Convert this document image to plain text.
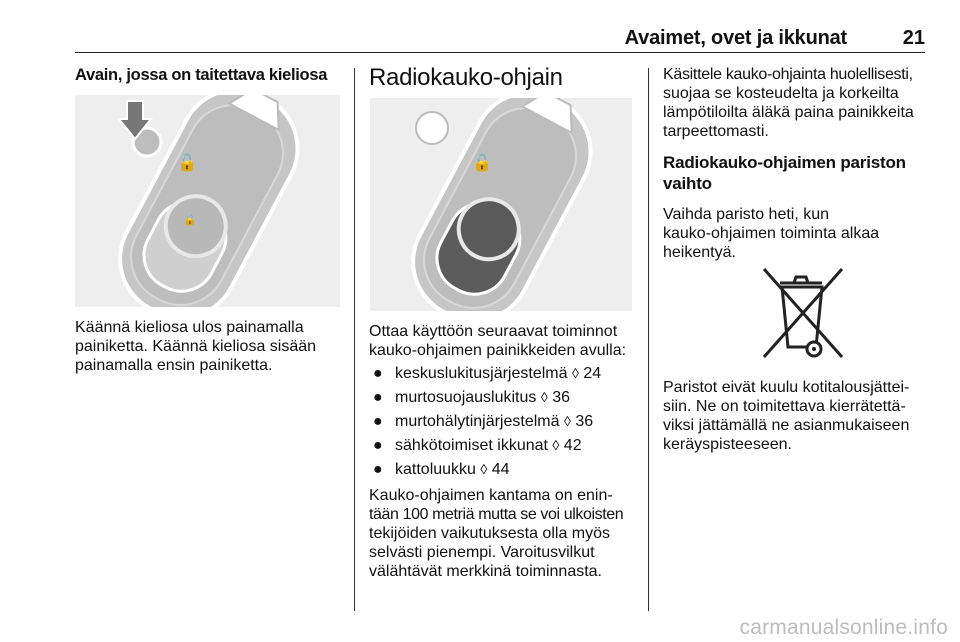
Avaimet, ovet ja ikkunat	21
Avain, jossa on taitettava kieliosa
🔓
🔒

Käännä kieliosa ulos painamalla

painiketta. Käännä kieliosa sisään

painamalla ensin painiketta.

Radiokauko-ohjain
🔓

Ottaa käyttöön seuraavat toiminnot

kauko-ohjaimen painikkeiden avulla:

● keskuslukitusjärjestelmä ◊ 24
● murtosuojauslukitus ◊ 36
● murtohälytinjärjestelmä ◊ 36
● sähkötoimiset ikkunat ◊ 42
● kattoluukku ◊ 44

Kauko-ohjaimen kantama on enin-

tään 100 metriä mutta se voi ulkoisten

tekijöiden vaikutuksesta olla myös

selvästi pienempi. Varoitusvilkut

välähtävät merkkinä toiminnasta.

Käsittele kauko-ohjainta huolellisesti,

suojaa se kosteudelta ja korkeilta

lämpötiloilta äläkä paina painikkeita

tarpeettomasti.

Radiokauko-ohjaimen pariston
vaihto

Vaihda paristo heti, kun

kauko-ohjaimen toiminta alkaa

heikentyä.

Paristot eivät kuulu kotitalousjättei-

siin. Ne on toimitettava kierrätettä-

viksi jättämällä ne asianmukaiseen

keräyspisteeseen.

carmanualsonline.info
